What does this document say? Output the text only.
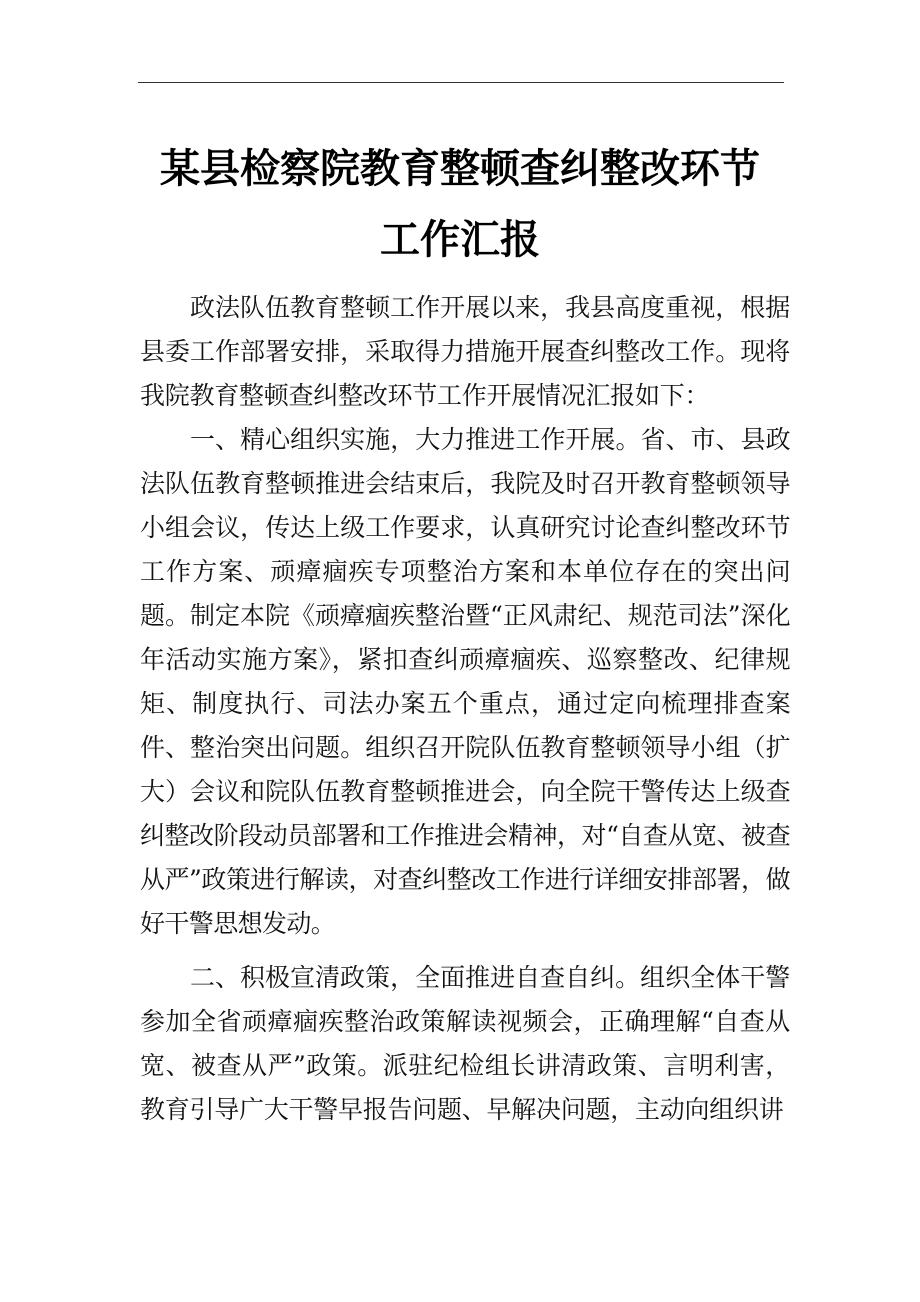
某县检察院教育整顿查纠整改环节
工作汇报

政法队伍教育整顿工作开展以来，我县高度重视，根据县委工作部署安排，采取得力措施开展查纠整改工作。现将我院教育整顿查纠整改环节工作开展情况汇报如下：

一、精心组织实施，大力推进工作开展。省、市、县政法队伍教育整顿推进会结束后，我院及时召开教育整顿领导小组会议，传达上级工作要求，认真研究讨论查纠整改环节工作方案、顽瘴痼疾专项整治方案和本单位存在的突出问题。制定本院《顽瘴痼疾整治暨“正风肃纪、规范司法”深化年活动实施方案》，紧扣查纠顽瘴痼疾、巡察整改、纪律规矩、制度执行、司法办案五个重点，通过定向梳理排查案件、整治突出问题。组织召开院队伍教育整顿领导小组（扩大）会议和院队伍教育整顿推进会，向全院干警传达上级查纠整改阶段动员部署和工作推进会精神，对“自查从宽、被查从严”政策进行解读，对查纠整改工作进行详细安排部署，做好干警思想发动。

二、积极宣清政策，全面推进自查自纠。组织全体干警参加全省顽瘴痼疾整治政策解读视频会，正确理解“自查从宽、被查从严”政策。派驻纪检组长讲清政策、言明利害，教育引导广大干警早报告问题、早解决问题，主动向组织讲
